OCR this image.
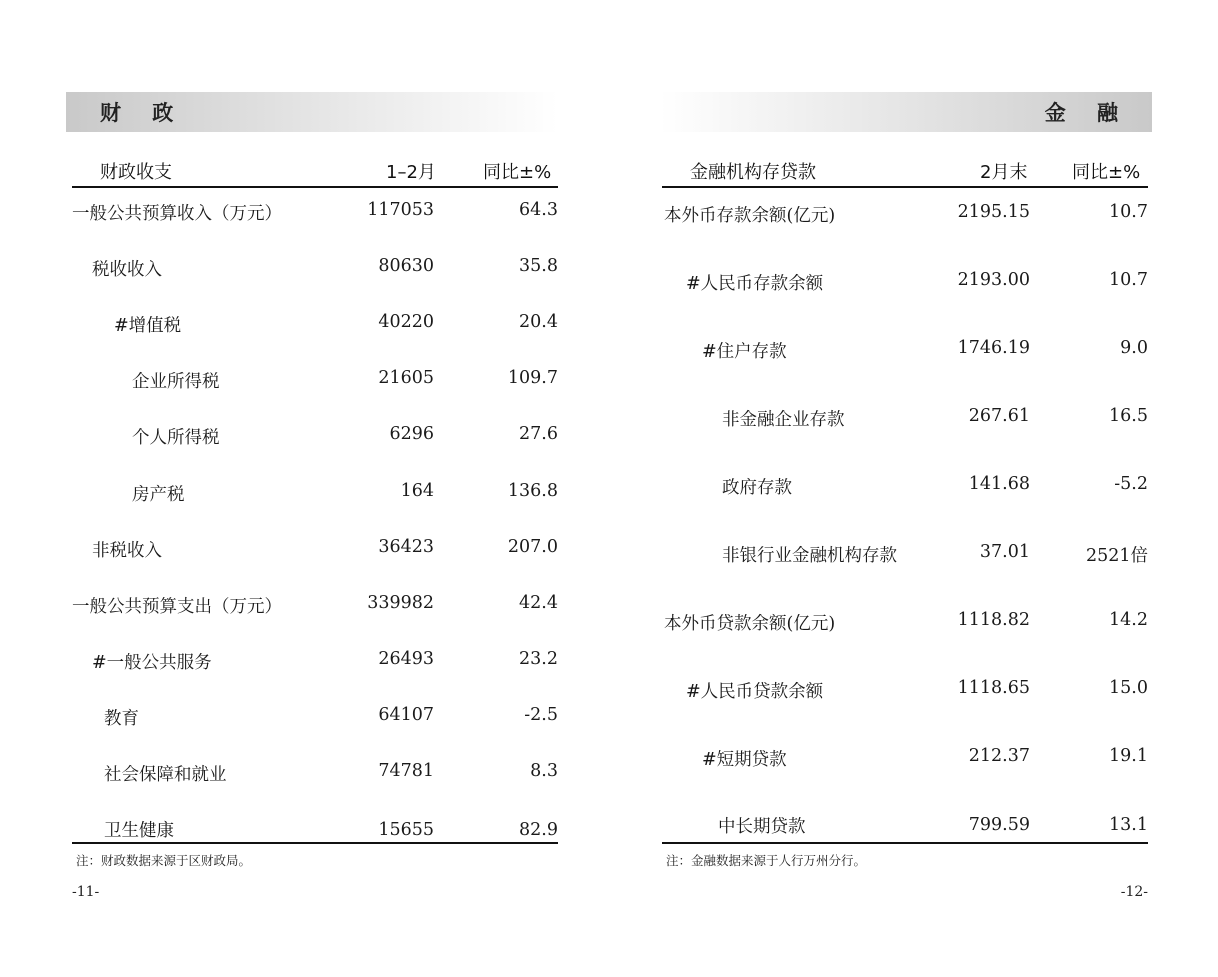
财 政
财政收支	1–2月	同比±%
一般公共预算收入（万元）	117053	64.3
税收收入	80630	35.8
#增值税	40220	20.4
企业所得税	21605	109.7
个人所得税	6296	27.6
房产税	164	136.8
非税收入	36423	207.0
一般公共预算支出（万元）	339982	42.4
#一般公共服务	26493	23.2
教育	64107	-2.5
社会保障和就业	74781	8.3
卫生健康	15655	82.9
注：财政数据来源于区财政局。
-11-
金 融
金融机构存贷款	2月末 同比±%
本外币存款余额(亿元)	2195.15	10.7
#人民币存款余额	2193.00	10.7
#住户存款	1746.19	9.0
非金融企业存款	267.61	16.5
政府存款	141.68	-5.2
非银行业金融机构存款	37.01	2521倍
本外币贷款余额(亿元)	1118.82	14.2
#人民币贷款余额	1118.65	15.0
#短期贷款	212.37	19.1
中长期贷款	799.59	13.1
注：金融数据来源于人行万州分行。
-12-
